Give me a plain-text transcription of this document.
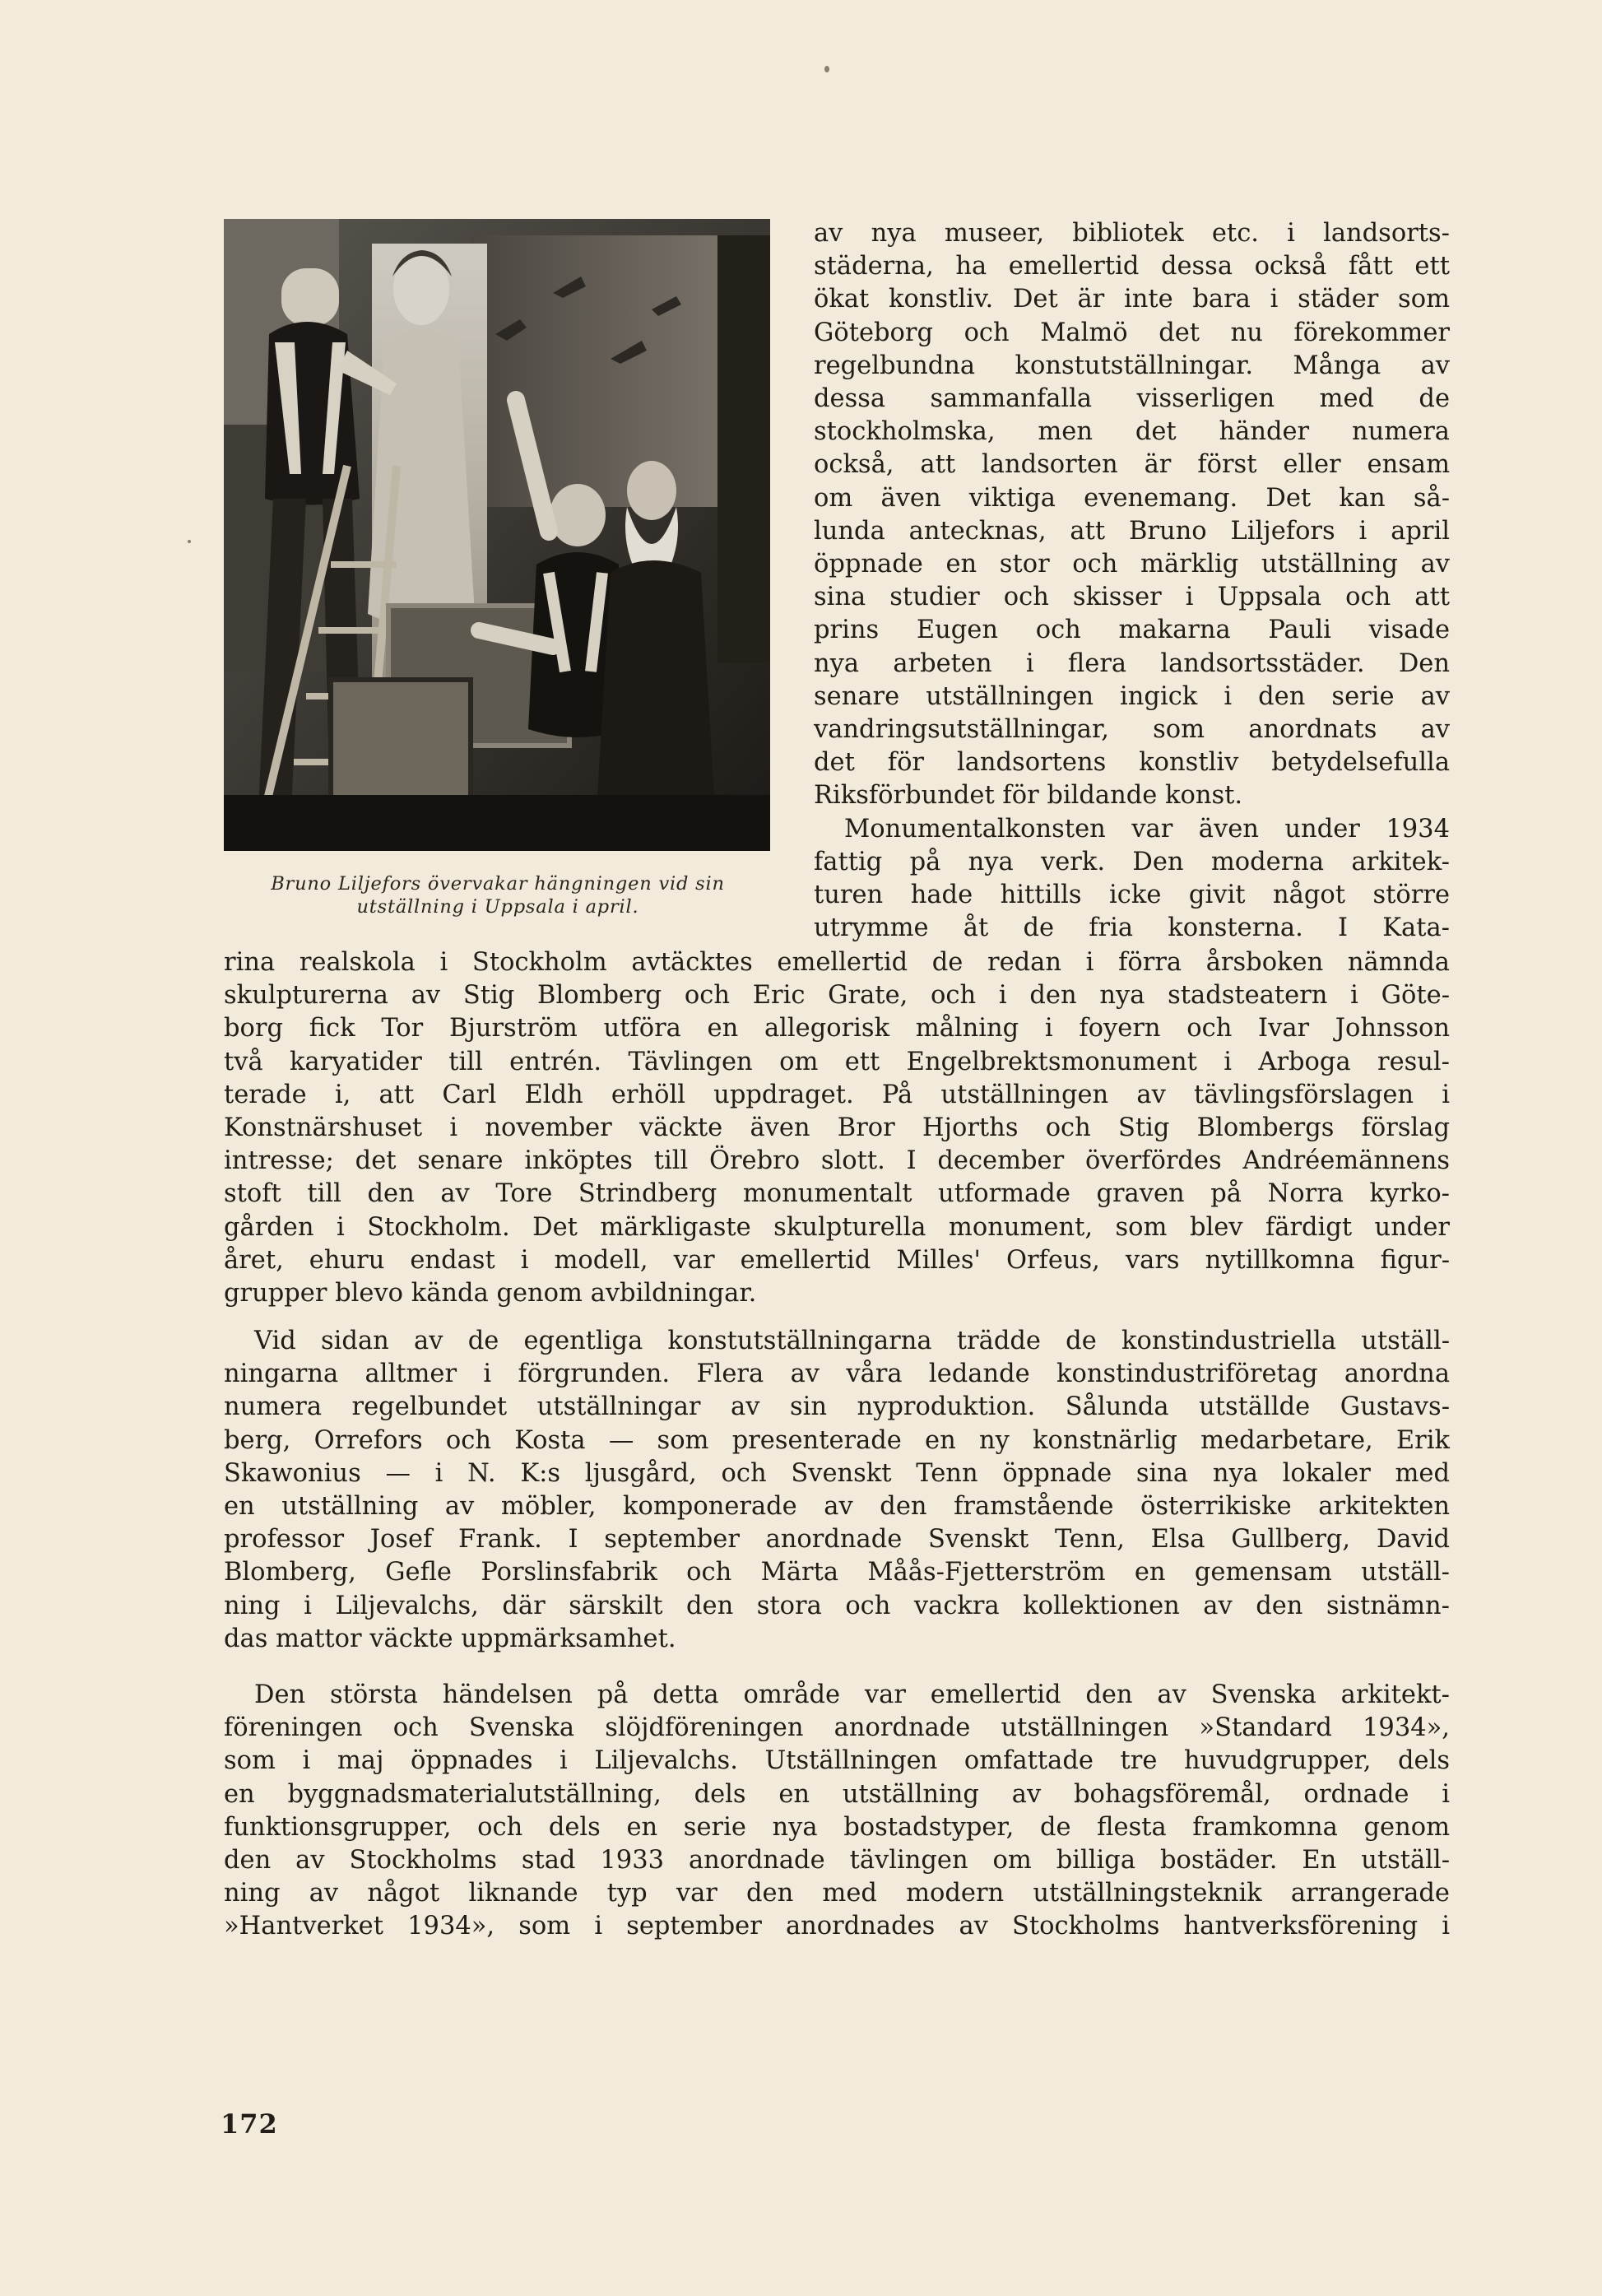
Bruno Liljefors övervakar hängningen vid sin
utställning i Uppsala i april.
av nya museer, bibliotek etc. i landsorts-
städerna, ha emellertid dessa också fått ett
ökat konstliv. Det är inte bara i städer som
Göteborg och Malmö det nu förekommer
regelbundna konstutställningar. Många av
dessa sammanfalla visserligen med de
stockholmska, men det händer numera
också, att landsorten är först eller ensam
om även viktiga evenemang. Det kan så-
lunda antecknas, att Bruno Liljefors i april
öppnade en stor och märklig utställning av
sina studier och skisser i Uppsala och att
prins Eugen och makarna Pauli visade
nya arbeten i flera landsortsstäder. Den
senare utställningen ingick i den serie av
vandringsutställningar, som anordnats av
det för landsortens konstliv betydelsefulla
Riksförbundet för bildande konst.
Monumentalkonsten var även under 1934
fattig på nya verk. Den moderna arkitek-
turen hade hittills icke givit något större
utrymme åt de fria konsterna. I Kata-
rina realskola i Stockholm avtäcktes emellertid de redan i förra årsboken nämnda
skulpturerna av Stig Blomberg och Eric Grate, och i den nya stadsteatern i Göte-
borg fick Tor Bjurström utföra en allegorisk målning i foyern och Ivar Johnsson
två karyatider till entrén. Tävlingen om ett Engelbrektsmonument i Arboga resul-
terade i, att Carl Eldh erhöll uppdraget. På utställningen av tävlingsförslagen i
Konstnärshuset i november väckte även Bror Hjorths och Stig Blombergs förslag
intresse; det senare inköptes till Örebro slott. I december överfördes Andréemännens
stoft till den av Tore Strindberg monumentalt utformade graven på Norra kyrko-
gården i Stockholm. Det märkligaste skulpturella monument, som blev färdigt under
året, ehuru endast i modell, var emellertid Milles' Orfeus, vars nytillkomna figur-
grupper blevo kända genom avbildningar.
Vid sidan av de egentliga konstutställningarna trädde de konstindustriella utställ-
ningarna alltmer i förgrunden. Flera av våra ledande konstindustriföretag anordna
numera regelbundet utställningar av sin nyproduktion. Sålunda utställde Gustavs-
berg, Orrefors och Kosta — som presenterade en ny konstnärlig medarbetare, Erik
Skawonius — i N. K:s ljusgård, och Svenskt Tenn öppnade sina nya lokaler med
en utställning av möbler, komponerade av den framstående österrikiske arkitekten
professor Josef Frank. I september anordnade Svenskt Tenn, Elsa Gullberg, David
Blomberg, Gefle Porslinsfabrik och Märta Måås-Fjetterström en gemensam utställ-
ning i Liljevalchs, där särskilt den stora och vackra kollektionen av den sistnämn-
das mattor väckte uppmärksamhet.
Den största händelsen på detta område var emellertid den av Svenska arkitekt-
föreningen och Svenska slöjdföreningen anordnade utställningen »Standard 1934»,
som i maj öppnades i Liljevalchs. Utställningen omfattade tre huvudgrupper, dels
en byggnadsmaterialutställning, dels en utställning av bohagsföremål, ordnade i
funktionsgrupper, och dels en serie nya bostadstyper, de flesta framkomna genom
den av Stockholms stad 1933 anordnade tävlingen om billiga bostäder. En utställ-
ning av något liknande typ var den med modern utställningsteknik arrangerade
»Hantverket 1934», som i september anordnades av Stockholms hantverksförening i
172
